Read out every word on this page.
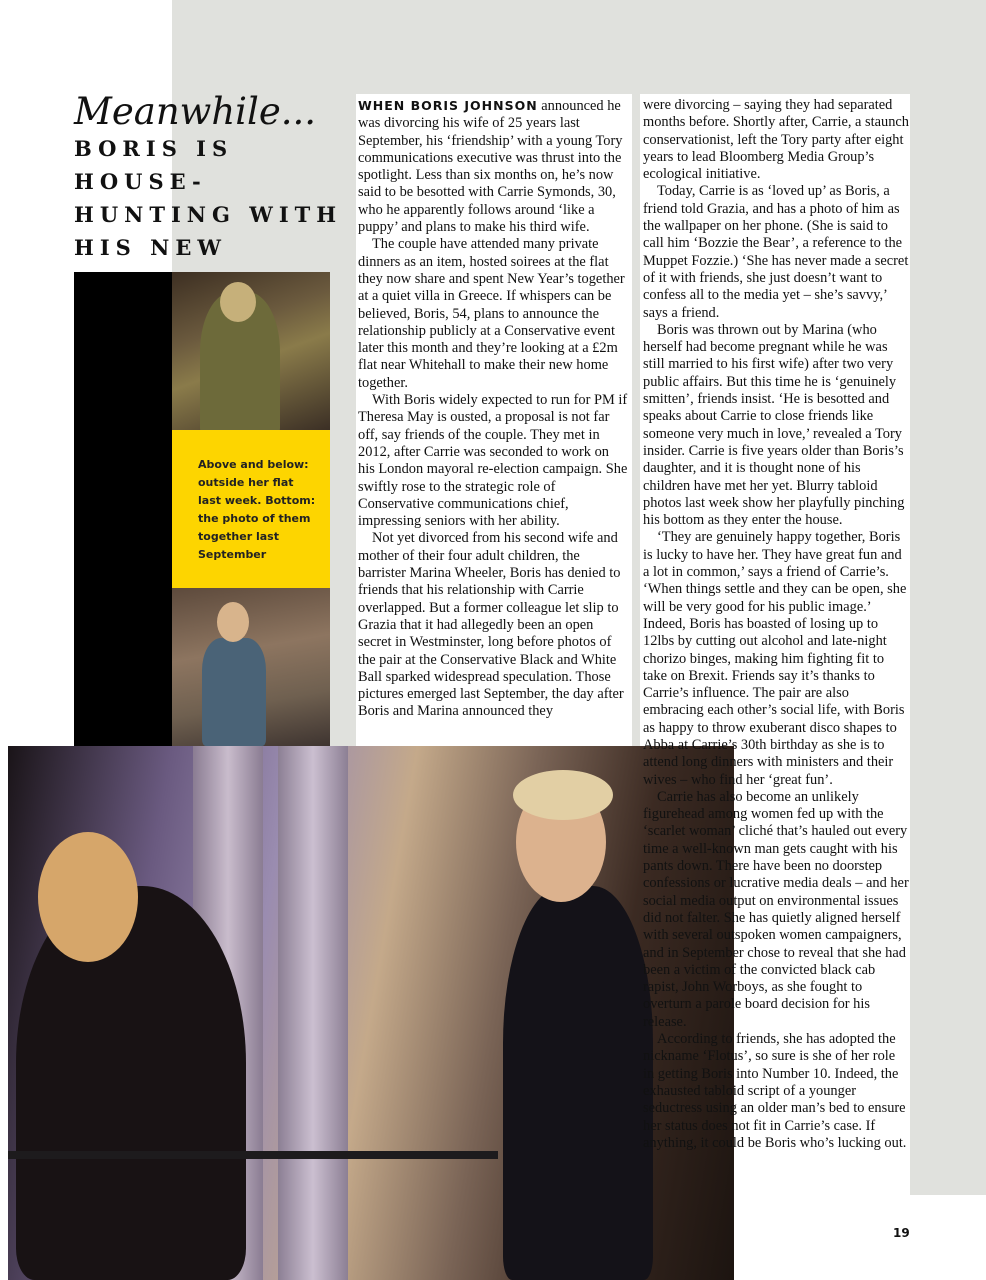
Meanwhile...
BORIS IS HOUSE-HUNTING WITH HIS NEW

Above and below: outside her flat last week. Bottom: the photo of them together last September

WHEN BORIS JOHNSON announced he was divorcing his wife of 25 years last September, his ‘friendship’ with a young Tory communications executive was thrust into the spotlight. Less than six months on, he’s now said to be besotted with Carrie Symonds, 30, who he apparently follows around ‘like a puppy’ and plans to make his third wife.

The couple have attended many private dinners as an item, hosted soirees at the flat they now share and spent New Year’s together at a quiet villa in Greece. If whispers can be believed, Boris, 54, plans to announce the relationship publicly at a Conservative event later this month and they’re looking at a £2m flat near Whitehall to make their new home together.

With Boris widely expected to run for PM if Theresa May is ousted, a proposal is not far off, say friends of the couple. They met in 2012, after Carrie was seconded to work on his London mayoral re-election campaign. She swiftly rose to the strategic role of Conservative communications chief, impressing seniors with her ability.

Not yet divorced from his second wife and mother of their four adult children, the barrister Marina Wheeler, Boris has denied to friends that his relationship with Carrie overlapped. But a former colleague let slip to Grazia that it had allegedly been an open secret in Westminster, long before photos of the pair at the Conservative Black and White Ball sparked widespread speculation. Those pictures emerged last September, the day after Boris and Marina announced they

were divorcing – saying they had separated months before. Shortly after, Carrie, a staunch conservationist, left the Tory party after eight years to lead Bloomberg Media Group’s ecological initiative.

Today, Carrie is as ‘loved up’ as Boris, a friend told Grazia, and has a photo of him as the wallpaper on her phone. (She is said to call him ‘Bozzie the Bear’, a reference to the Muppet Fozzie.) ‘She has never made a secret of it with friends, she just doesn’t want to confess all to the media yet – she’s savvy,’ says a friend.

Boris was thrown out by Marina (who herself had become pregnant while he was still married to his first wife) after two very public affairs. But this time he is ‘genuinely smitten’, friends insist. ‘He is besotted and speaks about Carrie to close friends like someone very much in love,’ revealed a Tory insider. Carrie is five years older than Boris’s daughter, and it is thought none of his children have met her yet. Blurry tabloid photos last week show her playfully pinching his bottom as they enter the house.

‘They are genuinely happy together, Boris is lucky to have her. They have great fun and a lot in common,’ says a friend of Carrie’s. ‘When things settle and they can be open, she will be very good for his public image.’ Indeed, Boris has boasted of losing up to 12lbs by cutting out alcohol and late-night chorizo binges, making him fighting fit to take on Brexit. Friends say it’s thanks to Carrie’s influence. The pair are also embracing each other’s social life, with Boris as happy to throw exuberant disco shapes to Abba at Carrie’s 30th birthday as she is to attend long dinners with ministers and their wives – who find her ‘great fun’.

Carrie has also become an unlikely figurehead among women fed up with the ‘scarlet woman’ cliché that’s hauled out every time a well-known man gets caught with his pants down. There have been no doorstep confessions or lucrative media deals – and her social media output on environmental issues did not falter. She has quietly aligned herself with several outspoken women campaigners, and in September chose to reveal that she had been a victim of the convicted black cab rapist, John Worboys, as she fought to overturn a parole board decision for his release.

According to friends, she has adopted the nickname ‘Flotus’, so sure is she of her role in getting Boris into Number 10. Indeed, the exhausted tabloid script of a younger seductress using an older man’s bed to ensure her status does not fit in Carrie’s case. If anything, it could be Boris who’s lucking out.

19
